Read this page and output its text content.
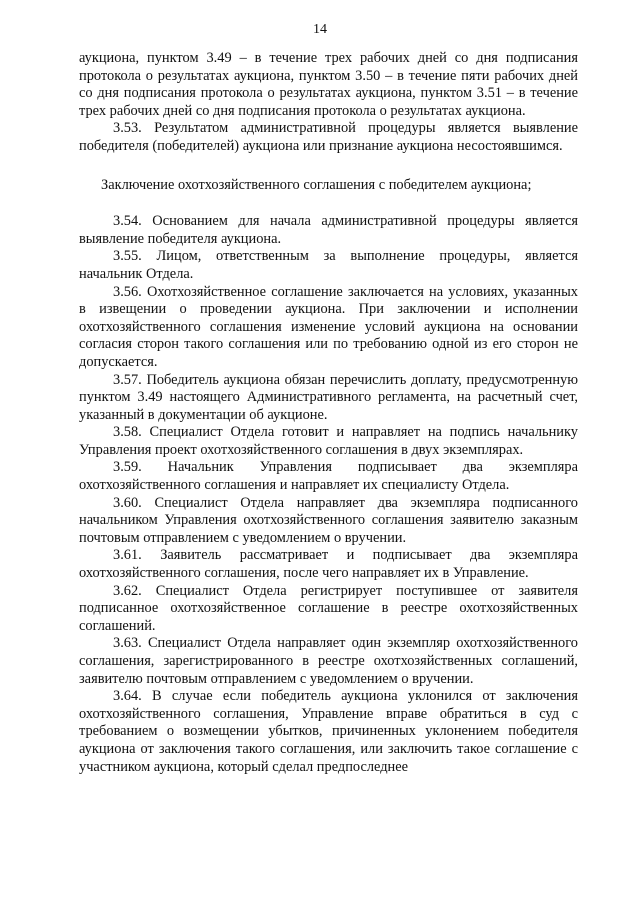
14

аукциона, пунктом 3.49 – в течение трех рабочих дней со дня подписания протокола о результатах аукциона, пунктом 3.50 – в течение пяти рабочих дней со дня подписания протокола о результатах аукциона, пунктом 3.51 – в течение трех рабочих дней со дня подписания протокола о результатах аукциона.

3.53. Результатом административной процедуры является выявление победителя (победителей) аукциона или признание аукциона несостоявшимся.

Заключение охотхозяйственного соглашения с победителем аукциона;

3.54. Основанием для начала административной процедуры является выявление победителя аукциона.

3.55. Лицом, ответственным за выполнение процедуры, является начальник Отдела.

3.56. Охотхозяйственное соглашение заключается на условиях, указанных в извещении о проведении аукциона. При заключении и исполнении охотхозяйственного соглашения изменение условий аукциона на основании согласия сторон такого соглашения или по требованию одной из его сторон не допускается.

3.57. Победитель аукциона обязан перечислить доплату, предусмотренную пунктом 3.49 настоящего Административного регламента, на расчетный счет, указанный в документации об аукционе.

3.58. Специалист Отдела готовит и направляет на подпись начальнику Управления проект охотхозяйственного соглашения в двух экземплярах.

3.59. Начальник Управления подписывает два экземпляра охотхозяйственного соглашения и направляет их специалисту Отдела.

3.60. Специалист Отдела направляет два экземпляра подписанного начальником Управления охотхозяйственного соглашения заявителю заказным почтовым отправлением с уведомлением о вручении.

3.61. Заявитель рассматривает и подписывает два экземпляра охотхозяйственного соглашения, после чего направляет их в Управление.

3.62. Специалист Отдела регистрирует поступившее от заявителя подписанное охотхозяйственное соглашение в реестре охотхозяйственных соглашений.

3.63. Специалист Отдела направляет один экземпляр охотхозяйственного соглашения, зарегистрированного в реестре охотхозяйственных соглашений, заявителю почтовым отправлением с уведомлением о вручении.

3.64. В случае если победитель аукциона уклонился от заключения охотхозяйственного соглашения, Управление вправе обратиться в суд с требованием о возмещении убытков, причиненных уклонением победителя аукциона от заключения такого соглашения, или заключить такое соглашение с участником аукциона, который сделал предпоследнее
